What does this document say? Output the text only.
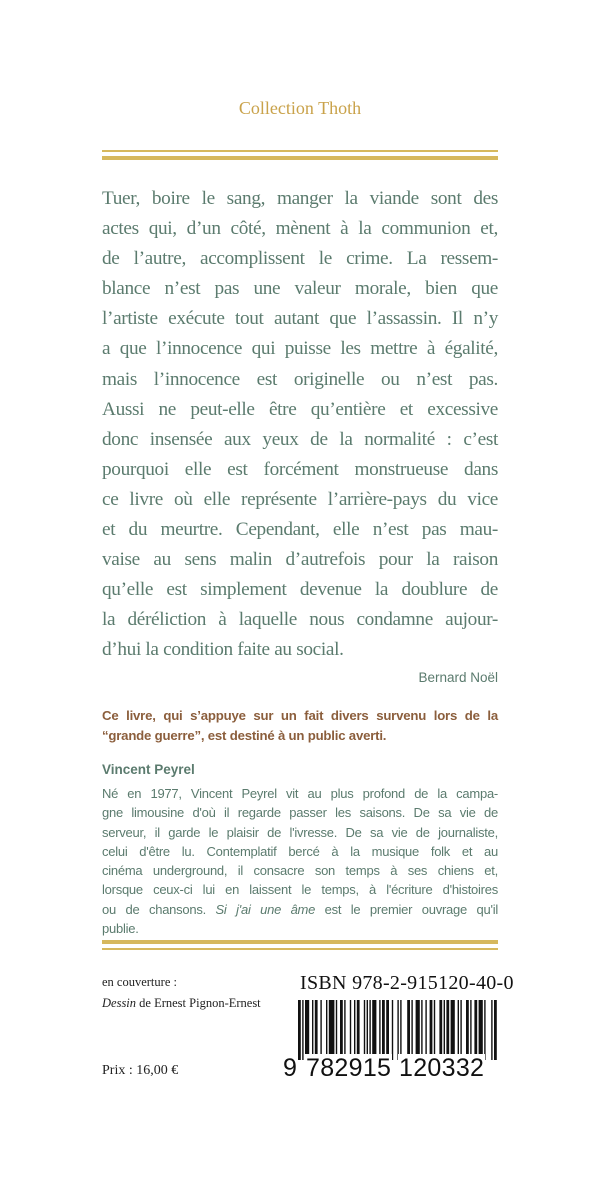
Collection Thoth
Tuer, boire le sang, manger la viande sont des
actes qui, d’un côté, mènent à la communion et,
de l’autre, accomplissent le crime. La ressem-
blance n’est pas une valeur morale, bien que
l’artiste exécute tout autant que l’assassin. Il n’y
a que l’innocence qui puisse les mettre à égalité,
mais l’innocence est originelle ou n’est pas.
Aussi ne peut-elle être qu’entière et excessive
donc insensée aux yeux de la normalité : c’est
pourquoi elle est forcément monstrueuse dans
ce livre où elle représente l’arrière-pays du vice
et du meurtre. Cependant, elle n’est pas mau-
vaise au sens malin d’autrefois pour la raison
qu’elle est simplement devenue la doublure de
la déréliction à laquelle nous condamne aujour-
d’hui la condition faite au social.
Bernard Noël
Ce livre, qui s’appuye sur un fait divers survenu lors de la
“grande guerre”, est destiné à un public averti.
Vincent Peyrel
Né en 1977, Vincent Peyrel vit au plus profond de la campa-
gne limousine d'où il regarde passer les saisons. De sa vie de
serveur, il garde le plaisir de l'ivresse. De sa vie de journaliste,
celui d'être lu. Contemplatif bercé à la musique folk et au
cinéma underground, il consacre son temps à ses chiens et,
lorsque ceux-ci lui en laissent le temps, à l'écriture d'histoires
ou de chansons. Si j'ai une âme est le premier ouvrage qu'il
publie.
en couverture :
Dessin de Ernest Pignon-Ernest
Prix : 16,00 €
ISBN 978-2-915120-40-0
9 782915 120332
